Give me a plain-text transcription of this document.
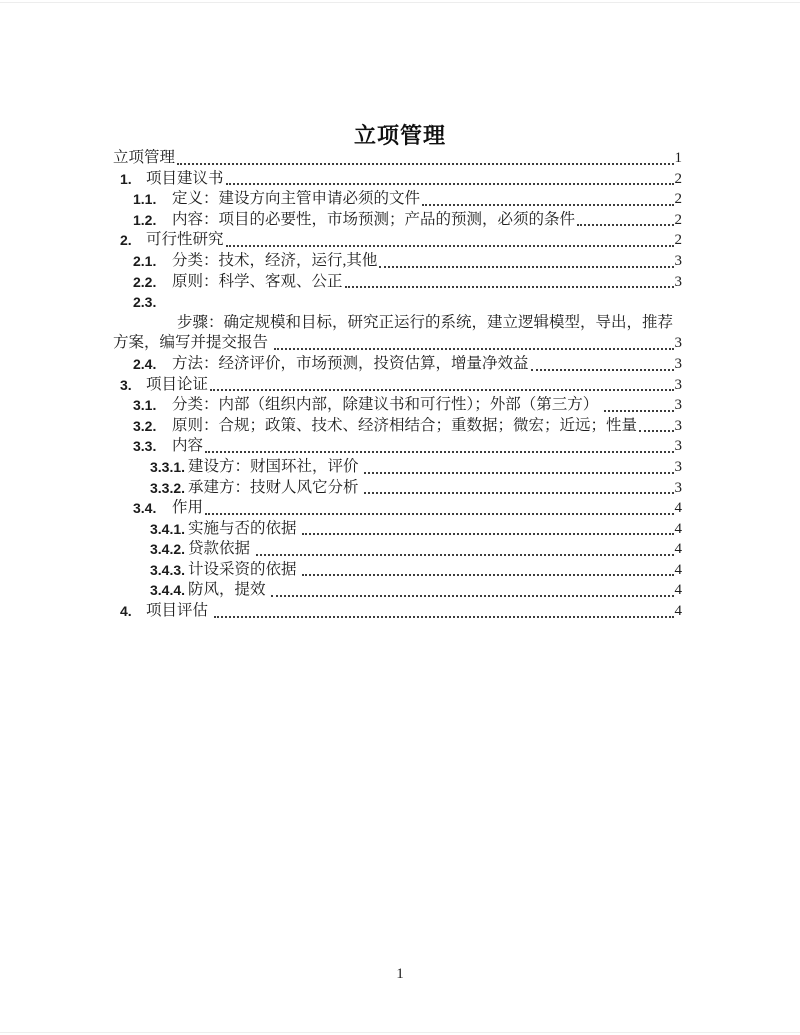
立项管理
立项管理	1
1. 项目建议书	2
1.1.	定义：建设方向主管申请必须的文件	2
1.2.	内容：项目的必要性，市场预测；产品的预测，必须的条件	2
2. 可行性研究	2
2.1.	分类：技术，经济，运行,其他	3
2.2.	原则：科学、客观、公正	3
2.3.
步骤：确定规模和目标，研究正运行的系统，建立逻辑模型，导出，推荐
方案，编写并提交报告	3
2.4.	方法：经济评价，市场预测，投资估算，增量净效益	3
3. 项目论证	3
3.1.	分类：内部（组织内部，除建议书和可行性）；外部（第三方）	3
3.2.	原则：合规；政策、技术、经济相结合；重数据；微宏；近远；性量 3
3.3.	内容	3
3.3.1. 建设方：财国环社，评价	3
3.3.2. 承建方：技财人风它分析	3
3.4.	作用	4
3.4.1. 实施与否的依据	4
3.4.2. 贷款依据	4
3.4.3. 计设采资的依据	4
3.4.4. 防风，提效	4
4. 项目评估	4
1
